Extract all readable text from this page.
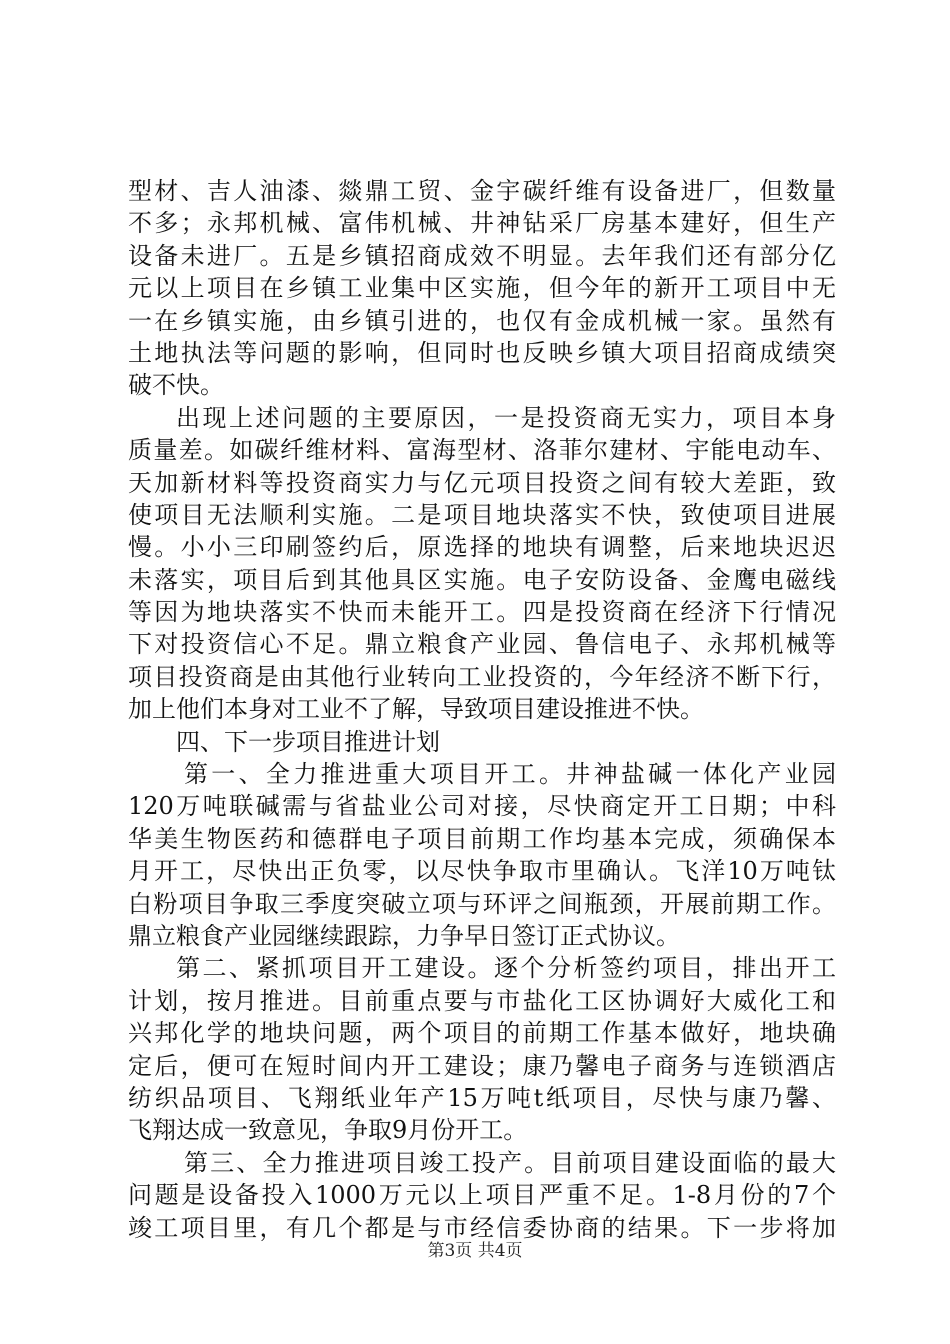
型材、吉人油漆、燚鼎工贸、金宇碳纤维有设备进厂，但数量
不多；永邦机械、富伟机械、井神钻采厂房基本建好，但生产
设备未进厂。五是乡镇招商成效不明显。去年我们还有部分亿
元以上项目在乡镇工业集中区实施，但今年的新开工项目中无
一在乡镇实施，由乡镇引进的，也仅有金成机械一家。虽然有
土地执法等问题的影响，但同时也反映乡镇大项目招商成绩突
破不快。
出现上述问题的主要原因，一是投资商无实力，项目本身
质量差。如碳纤维材料、富海型材、洛菲尔建材、宇能电动车、
天加新材料等投资商实力与亿元项目投资之间有较大差距，致
使项目无法顺利实施。二是项目地块落实不快，致使项目进展
慢。小小三印刷签约后，原选择的地块有调整，后来地块迟迟
未落实，项目后到其他具区实施。电子安防设备、金鹰电磁线
等因为地块落实不快而未能开工。四是投资商在经济下行情况
下对投资信心不足。鼎立粮食产业园、鲁信电子、永邦机械等
项目投资商是由其他行业转向工业投资的，今年经济不断下行，
加上他们本身对工业不了解，导致项目建设推进不快。
四、下一步项目推进计划
第一、全力推进重大项目开工。井神盐碱一体化产业园
120万吨联碱需与省盐业公司对接，尽快商定开工日期；中科
华美生物医药和德群电子项目前期工作均基本完成，须确保本
月开工，尽快出正负零，以尽快争取市里确认。飞洋10万吨钛
白粉项目争取三季度突破立项与环评之间瓶颈，开展前期工作。
鼎立粮食产业园继续跟踪，力争早日签订正式协议。
第二、紧抓项目开工建设。逐个分析签约项目，排出开工
计划，按月推进。目前重点要与市盐化工区协调好大威化工和
兴邦化学的地块问题，两个项目的前期工作基本做好，地块确
定后，便可在短时间内开工建设；康乃馨电子商务与连锁酒店
纺织品项目、飞翔纸业年产15万吨t纸项目，尽快与康乃馨、
飞翔达成一致意见，争取9月份开工。
第三、全力推进项目竣工投产。目前项目建设面临的最大
问题是设备投入1000万元以上项目严重不足。1-8月份的7个
竣工项目里，有几个都是与市经信委协商的结果。下一步将加
第3页 共4页
